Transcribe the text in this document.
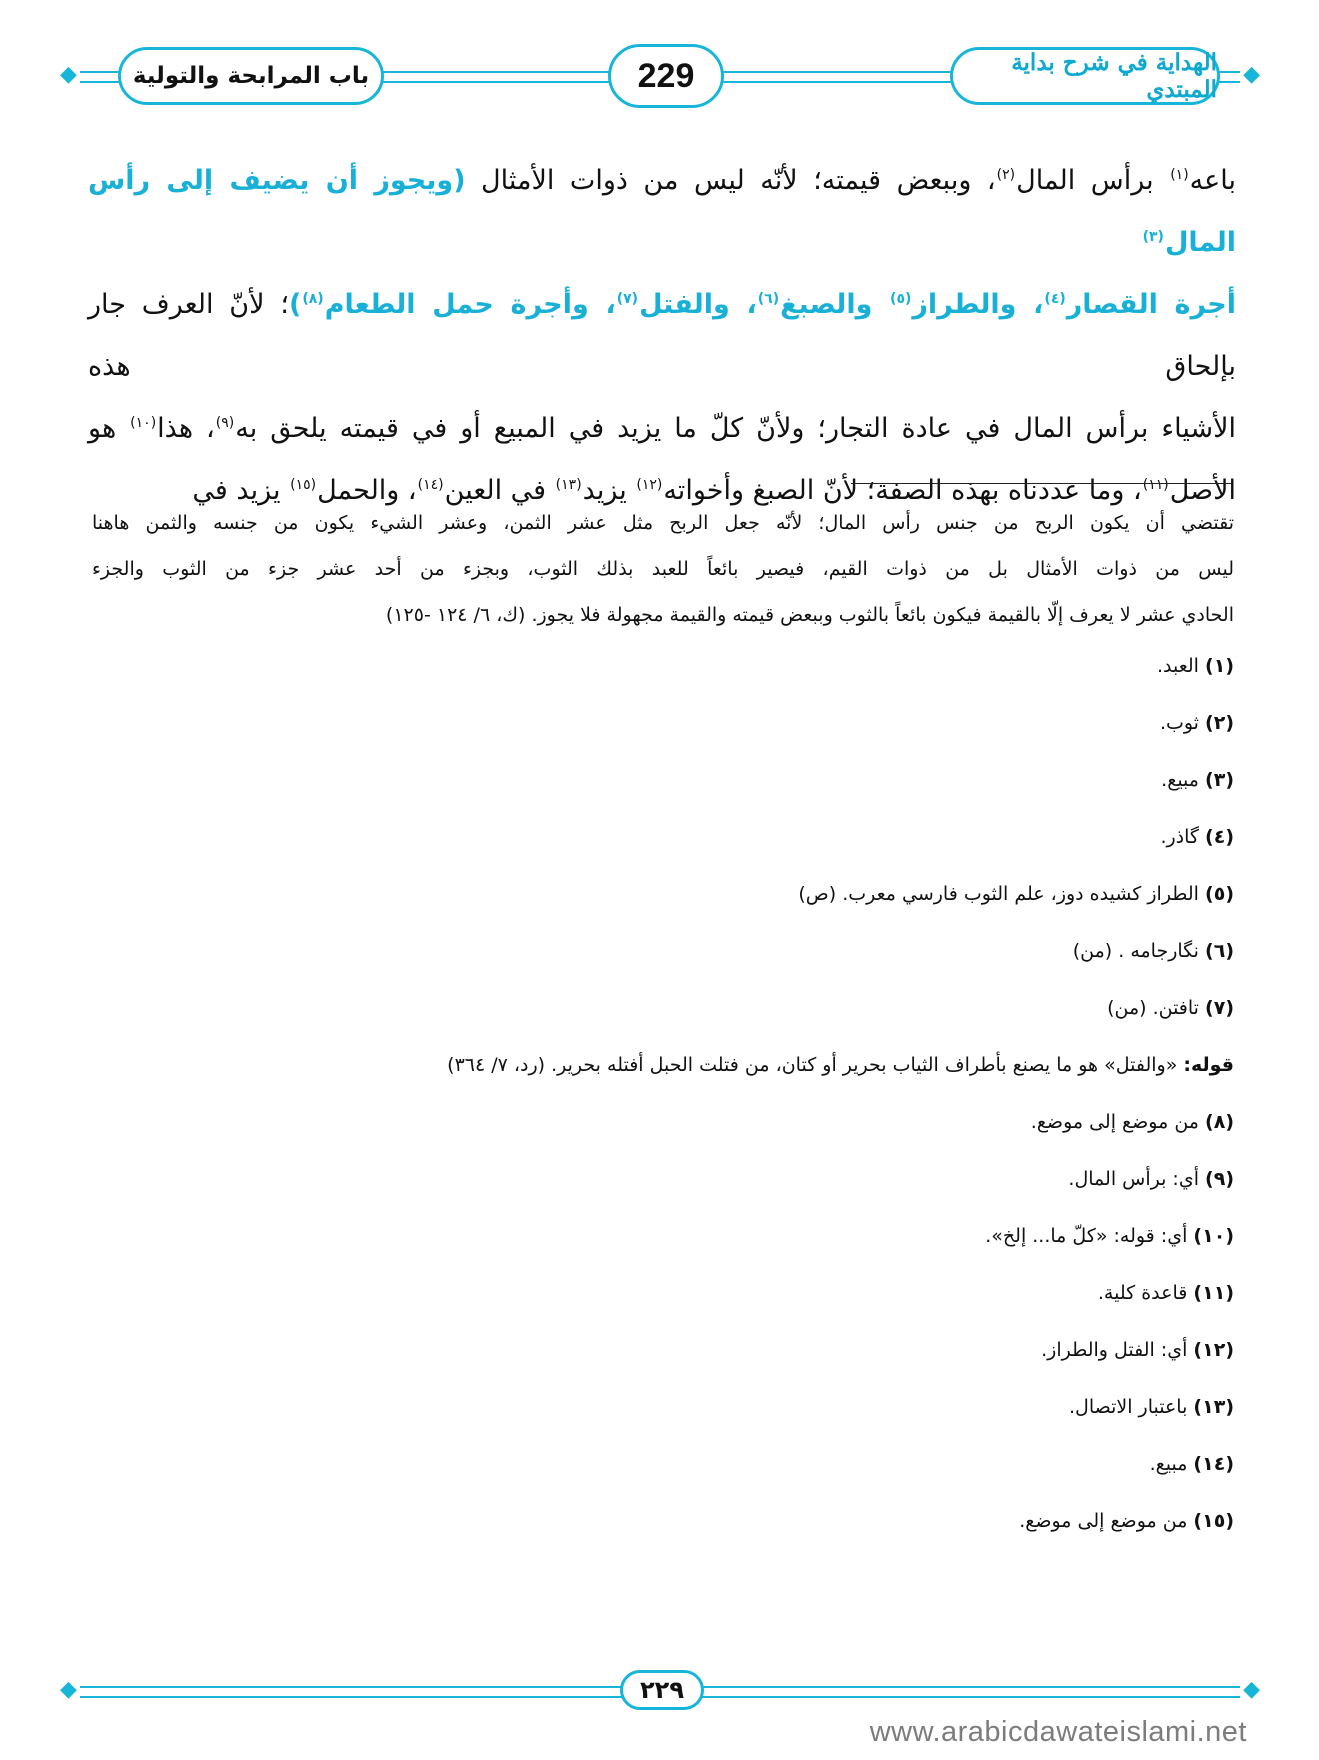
◆	◆
باب المرابحة والتولية	229	الهداية في شرح بداية المبتدي

باعه$^{(١)}$ برأس المال$^{(٢)}$، وببعض قيمته؛ لأنّه ليس من ذوات الأمثال (ويجوز أن يضيف إلى رأس المال$^{(٣)}$

أجرة القصار$^{(٤)}$، والطراز$^{(٥)}$ والصبغ$^{(٦)}$، والفتل$^{(٧)}$، وأجرة حمل الطعام$^{(٨)}$)؛ لأنّ العرف جار بإلحاق هذه

الأشياء برأس المال في عادة التجار؛ ولأنّ كلّ ما يزيد في المبيع أو في قيمته يلحق به$^{(٩)}$، هذا$^{(١٠)}$ هو

الأصل$^{(١١)}$، وما عددناه بهذه الصفة؛ لأنّ الصبغ وأخواته$^{(١٢)}$ يزيد$^{(١٣)}$ في العين$^{(١٤)}$، والحمل$^{(١٥)}$ يزيد في

تقتضي أن يكون الربح من جنس رأس المال؛ لأنّه جعل الربح مثل عشر الثمن، وعشر الشيء يكون من جنسه والثمن هاهنا

ليس من ذوات الأمثال بل من ذوات القيم، فيصير بائعاً للعبد بذلك الثوب، وبجزء من أحد عشر جزء من الثوب والجزء

الحادي عشر لا يعرف إلّا بالقيمة فيكون بائعاً بالثوب وببعض قيمته والقيمة مجهولة فلا يجوز. (ك، ٦/ ١٢٤ -١٢٥)

(١) العبد.

(٢) ثوب.

(٣) مبيع.

(٤) گاذر.

(٥) الطراز كشيده دوز، علم الثوب فارسي معرب. (ص)

(٦) نگارجامه . (من)

(٧) تافتن. (من)

قوله: «والفتل» هو ما يصنع بأطراف الثياب بحرير أو كتان، من فتلت الحبل أفتله بحرير. (رد، ٧/ ٣٦٤)

(٨) من موضع إلى موضع.

(٩) أي: برأس المال.

(١٠) أي: قوله: «كلّ ما... إلخ».

(١١) قاعدة كلية.

(١٢) أي: الفتل والطراز.

(١٣) باعتبار الاتصال.

(١٤) مبيع.

(١٥) من موضع إلى موضع.

◆	◆
٢٢٩
www.arabicdawateislami.net
